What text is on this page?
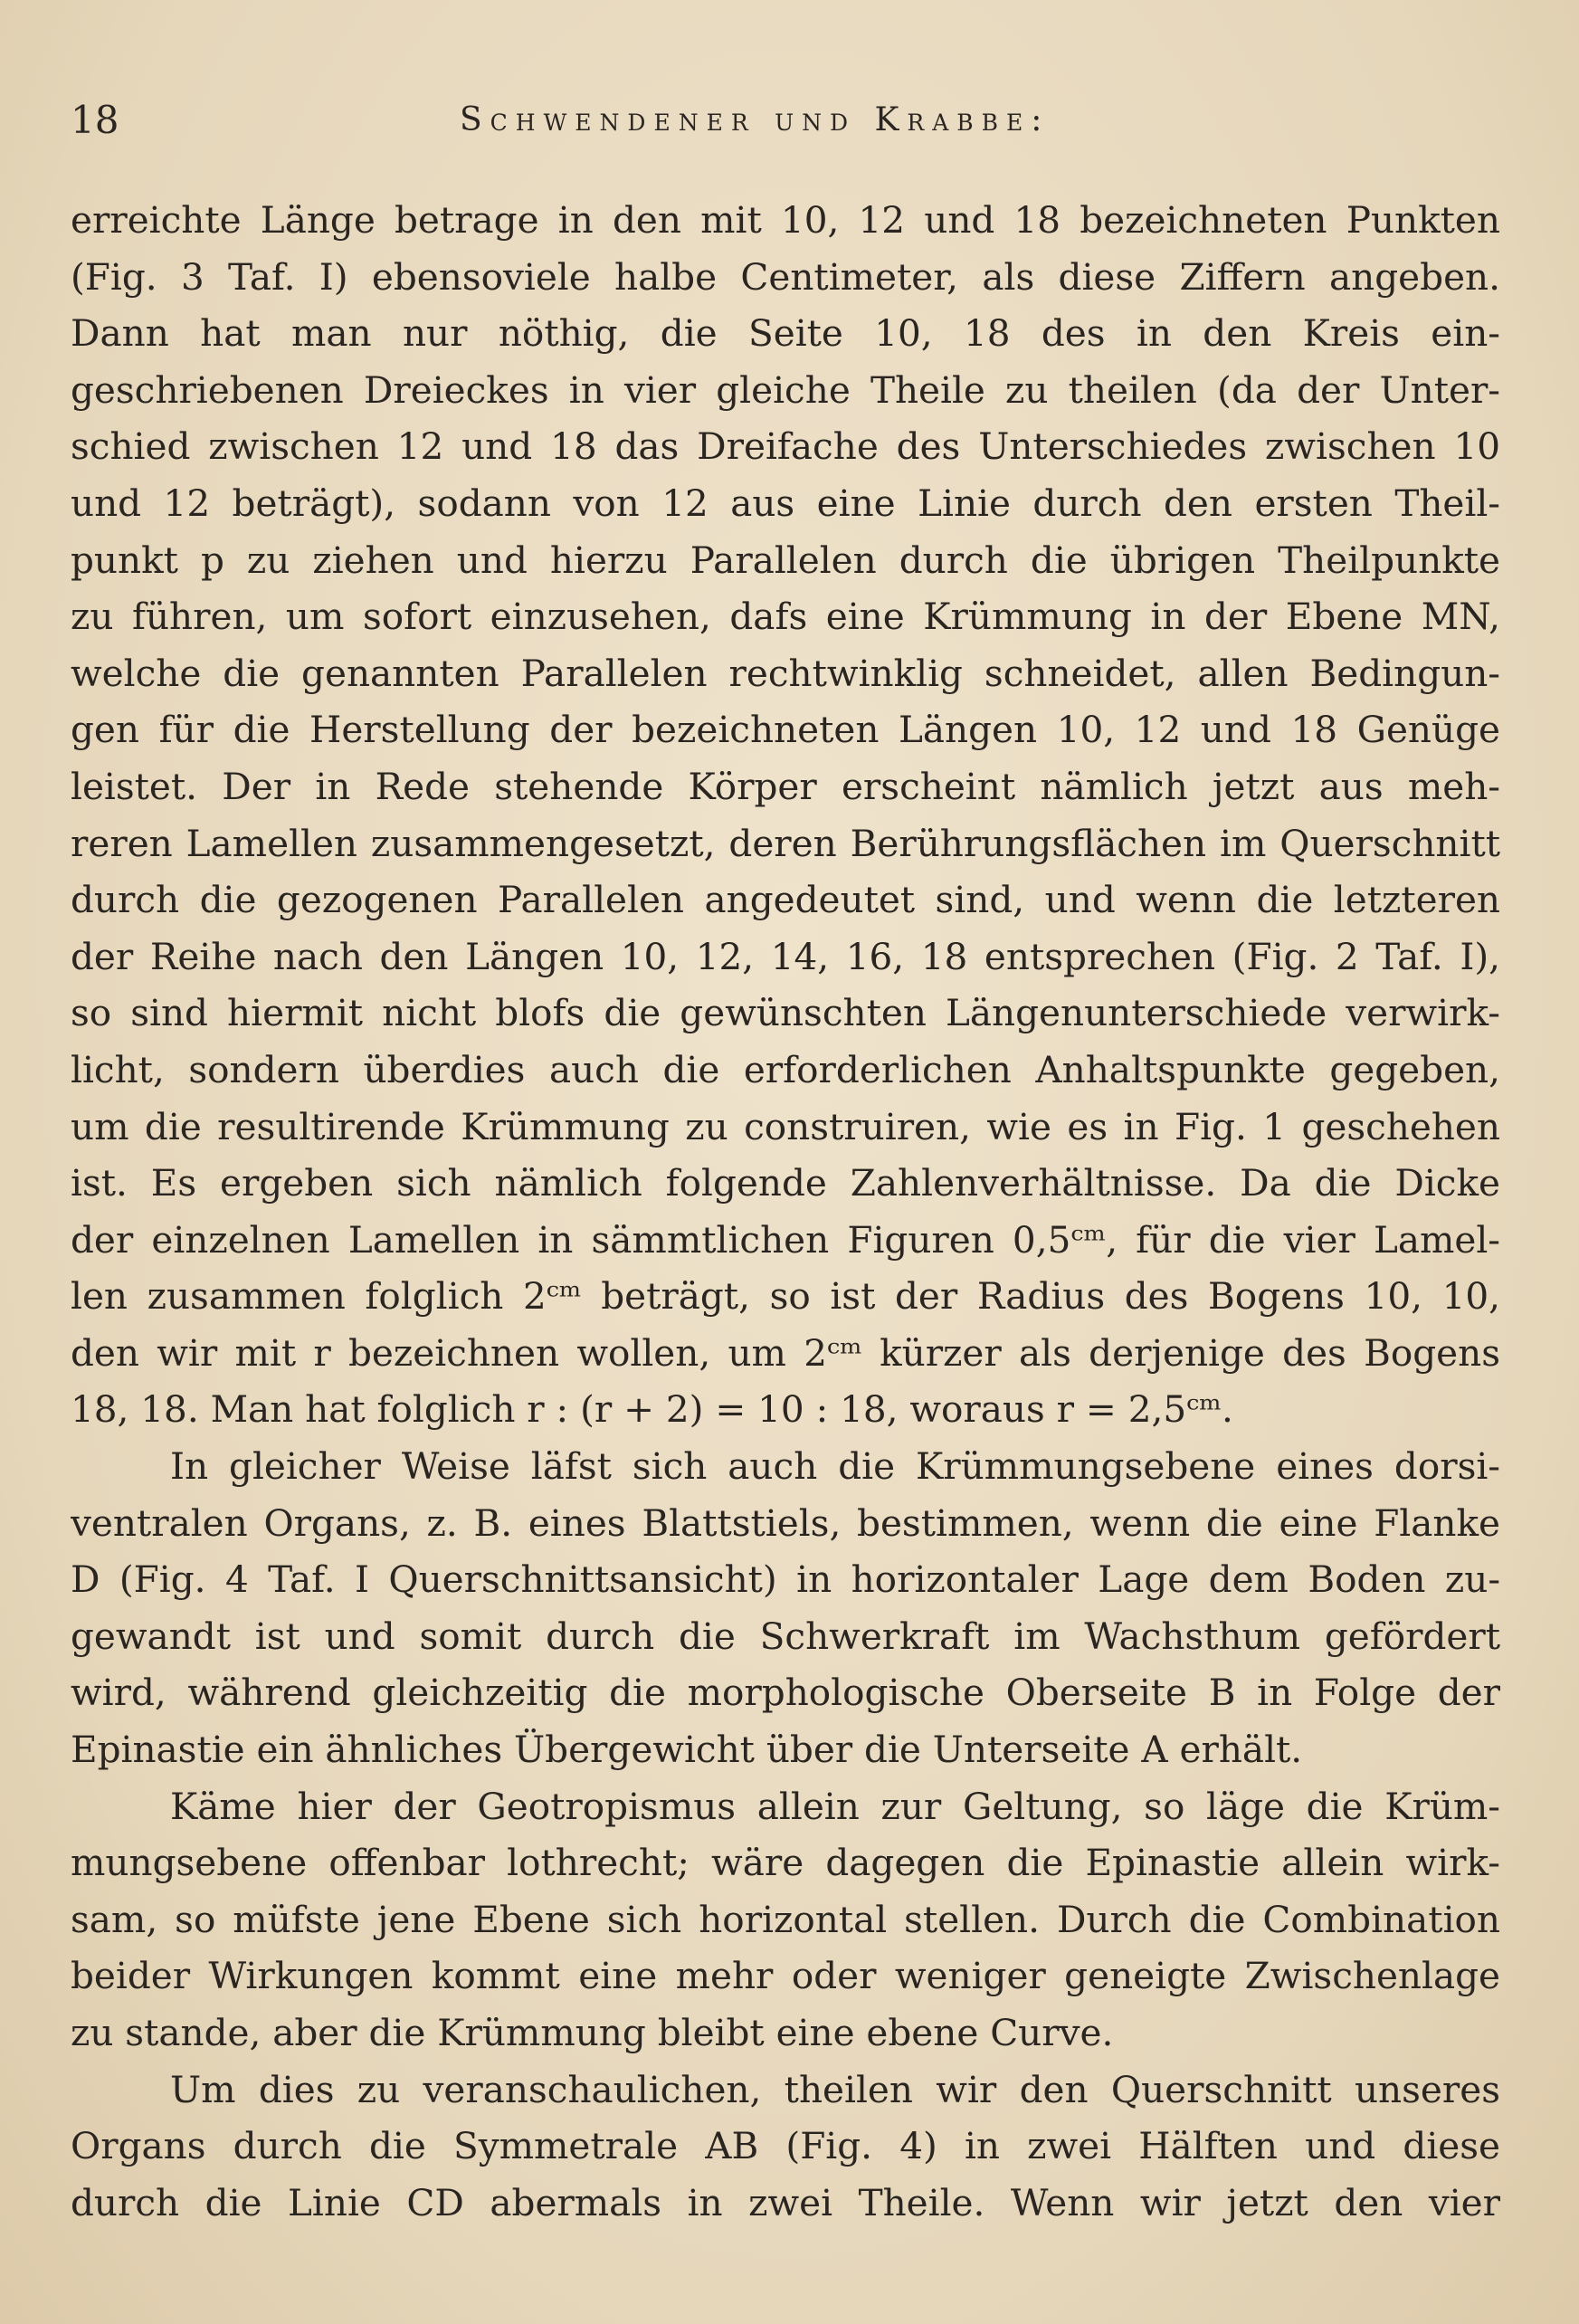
18	Schwendener und Krabbe:
erreichte Länge betrage in den mit 10, 12 und 18 bezeichneten Punkten
(Fig. 3 Taf. I) ebensoviele halbe Centimeter, als diese Ziffern angeben.
Dann hat man nur nöthig, die Seite 10, 18 des in den Kreis ein-
geschriebenen Dreieckes in vier gleiche Theile zu theilen (da der Unter-
schied zwischen 12 und 18 das Dreifache des Unterschiedes zwischen 10
und 12 beträgt), sodann von 12 aus eine Linie durch den ersten Theil-
punkt p zu ziehen und hierzu Parallelen durch die übrigen Theilpunkte
zu führen, um sofort einzusehen, dafs eine Krümmung in der Ebene MN,
welche die genannten Parallelen rechtwinklig schneidet, allen Bedingun-
gen für die Herstellung der bezeichneten Längen 10, 12 und 18 Genüge
leistet. Der in Rede stehende Körper erscheint nämlich jetzt aus meh-
reren Lamellen zusammengesetzt, deren Berührungsflächen im Querschnitt
durch die gezogenen Parallelen angedeutet sind, und wenn die letzteren
der Reihe nach den Längen 10, 12, 14, 16, 18 entsprechen (Fig. 2 Taf. I),
so sind hiermit nicht blofs die gewünschten Längenunterschiede verwirk-
licht, sondern überdies auch die erforderlichen Anhaltspunkte gegeben,
um die resultirende Krümmung zu construiren, wie es in Fig. 1 geschehen
ist. Es ergeben sich nämlich folgende Zahlenverhältnisse. Da die Dicke
der einzelnen Lamellen in sämmtlichen Figuren 0,5ᶜᵐ, für die vier Lamel-
len zusammen folglich 2ᶜᵐ beträgt, so ist der Radius des Bogens 10, 10,
den wir mit r bezeichnen wollen, um 2ᶜᵐ kürzer als derjenige des Bogens
18, 18. Man hat folglich r : (r + 2) = 10 : 18, woraus r = 2,5ᶜᵐ.
In gleicher Weise läfst sich auch die Krümmungsebene eines dorsi-
ventralen Organs, z. B. eines Blattstiels, bestimmen, wenn die eine Flanke
D (Fig. 4 Taf. I Querschnittsansicht) in horizontaler Lage dem Boden zu-
gewandt ist und somit durch die Schwerkraft im Wachsthum gefördert
wird, während gleichzeitig die morphologische Oberseite B in Folge der
Epinastie ein ähnliches Übergewicht über die Unterseite A erhält.
Käme hier der Geotropismus allein zur Geltung, so läge die Krüm-
mungsebene offenbar lothrecht; wäre dagegen die Epinastie allein wirk-
sam, so müfste jene Ebene sich horizontal stellen. Durch die Combination
beider Wirkungen kommt eine mehr oder weniger geneigte Zwischenlage
zu stande, aber die Krümmung bleibt eine ebene Curve.
Um dies zu veranschaulichen, theilen wir den Querschnitt unseres
Organs durch die Symmetrale AB (Fig. 4) in zwei Hälften und diese
durch die Linie CD abermals in zwei Theile. Wenn wir jetzt den vier
